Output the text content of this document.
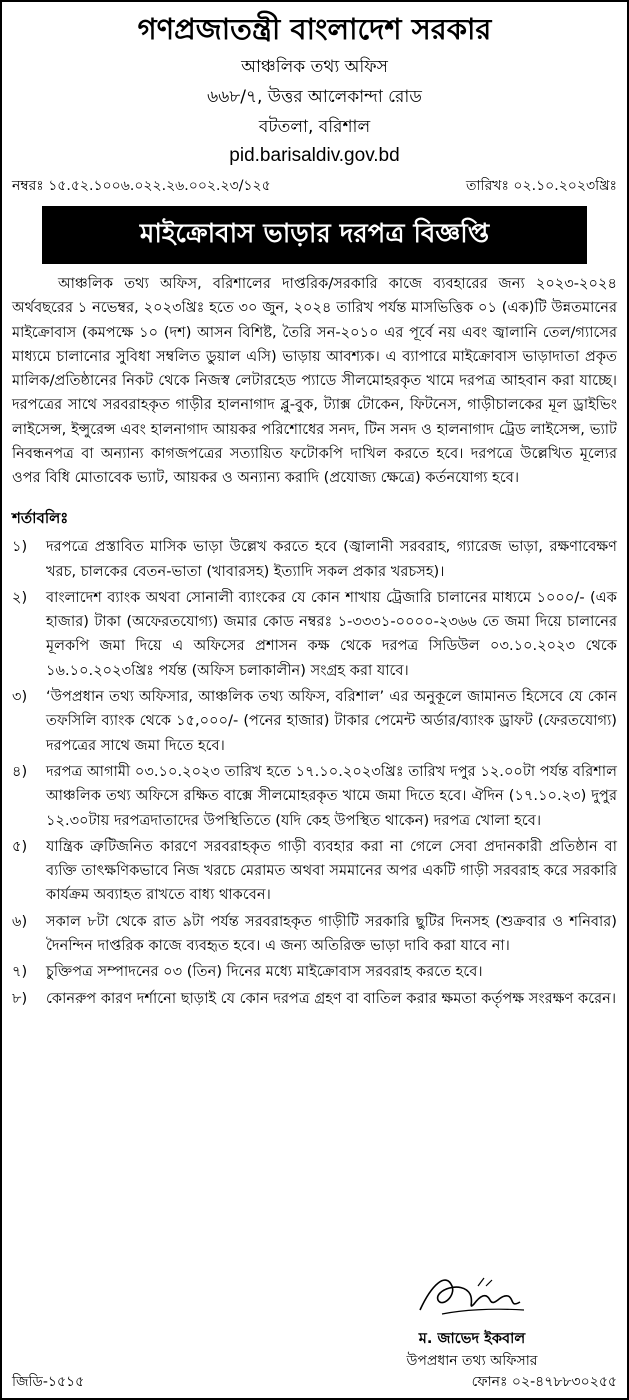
গণপ্রজাতন্ত্রী বাংলাদেশ সরকার
আঞ্চলিক তথ্য অফিস
৬৬৮/৭, উত্তর আলেকান্দা রোড
বটতলা, বরিশাল
pid.barisaldiv.gov.bd
নম্বরঃ ১৫.৫২.১০০৬.০২২.২৬.০০২.২৩/১২৫	তারিখঃ ০২.১০.২০২৩খ্রিঃ
মাইক্রোবাস ভাড়ার দরপত্র বিজ্ঞপ্তি

আঞ্চলিক তথ্য অফিস, বরিশালের দাপ্তরিক/সরকারি কাজে ব্যবহারের জন্য ২০২৩-২০২৪ অর্থবছরের ১ নভেম্বর, ২০২৩খ্রিঃ হতে ৩০ জুন, ২০২৪ তারিখ পর্যন্ত মাসভিত্তিক ০১ (এক)টি উন্নতমানের মাইক্রোবাস (কমপক্ষে ১০ (দশ) আসন বিশিষ্ট, তৈরি সন-২০১০ এর পূর্বে নয় এবং জ্বালানি তেল/গ্যাসের মাধ্যমে চালানোর সুবিধা সম্বলিত ডুয়াল এসি) ভাড়ায় আবশ্যক। এ ব্যাপারে মাইক্রোবাস ভাড়াদাতা প্রকৃত মালিক/প্রতিষ্ঠানের নিকট থেকে নিজস্ব লেটারহেড প্যাডে সীলমোহরকৃত খামে দরপত্র আহবান করা যাচ্ছে। দরপত্রের সাথে সরবরাহকৃত গাড়ীর হালনাগাদ ব্লু-বুক, ট্যাক্স টোকেন, ফিটনেস, গাড়ীচালকের মূল ড্রাইভিং লাইসেন্স, ইন্সুরেন্স এবং হালনাগাদ আয়কর পরিশোধের সনদ, টিন সনদ ও হালনাগাদ ট্রেড লাইসেন্স, ভ্যাট নিবন্ধনপত্র বা অন্যান্য কাগজপত্রের সত্যায়িত ফটোকপি দাখিল করতে হবে। দরপত্রে উল্লেখিত মূল্যের ওপর বিধি মোতাবেক ভ্যাট, আয়কর ও অন্যান্য করাদি (প্রযোজ্য ক্ষেত্রে) কর্তনযোগ্য হবে।

শর্তাবলিঃ
১)	দরপত্রে প্রস্তাবিত মাসিক ভাড়া উল্লেখ করতে হবে (জ্বালানী সরবরাহ, গ্যারেজ ভাড়া, রক্ষণাবেক্ষণ খরচ, চালকের বেতন-ভাতা (খাবারসহ) ইত্যাদি সকল প্রকার খরচসহ)।
২)	বাংলাদেশ ব্যাংক অথবা সোনালী ব্যাংকের যে কোন শাখায় ট্রেজারি চালানের মাধ্যমে ১০০০/- (এক হাজার) টাকা (অফেরতযোগ্য) জমার কোড নম্বরঃ ১-৩৩৩১-০০০০-২৩৬৬ তে জমা দিয়ে চালানের মূলকপি জমা দিয়ে এ অফিসের প্রশাসন কক্ষ থেকে দরপত্র সিডিউল ০৩.১০.২০২৩ থেকে ১৬.১০.২০২৩খ্রিঃ পর্যন্ত (অফিস চলাকালীন) সংগ্রহ করা যাবে।
৩)	‘উপপ্রধান তথ্য অফিসার, আঞ্চলিক তথ্য অফিস, বরিশাল’ এর অনুকূলে জামানত হিসেবে যে কোন তফসিলি ব্যাংক থেকে ১৫,০০০/- (পনের হাজার) টাকার পেমেন্ট অর্ডার/ব্যাংক ড্রাফট (ফেরতযোগ্য) দরপত্রের সাথে জমা দিতে হবে।
৪)	দরপত্র আগামী ০৩.১০.২০২৩ তারিখ হতে ১৭.১০.২০২৩খ্রিঃ তারিখ দপুর ১২.০০টা পর্যন্ত বরিশাল আঞ্চলিক তথ্য অফিসে রক্ষিত বাক্সে সীলমোহরকৃত খামে জমা দিতে হবে। ঐদিন (১৭.১০.২৩) দুপুর ১২.৩০টায় দরপত্রদাতাদের উপস্থিতিতে (যদি কেহ উপস্থিত থাকেন) দরপত্র খোলা হবে।
৫)	যান্ত্রিক ত্রুটিজনিত কারণে সরবরাহকৃত গাড়ী ব্যবহার করা না গেলে সেবা প্রদানকারী প্রতিষ্ঠান বা ব্যক্তি তাৎক্ষণিকভাবে নিজ খরচে মেরামত অথবা সমমানের অপর একটি গাড়ী সরবরাহ করে সরকারি কার্যক্রম অব্যাহত রাখতে বাধ্য থাকবেন।
৬)	সকাল ৮টা থেকে রাত ৯টা পর্যন্ত সরবরাহকৃত গাড়ীটি সরকারি ছুটির দিনসহ (শুক্রবার ও শনিবার) দৈনন্দিন দাপ্তরিক কাজে ব্যবহৃত হবে। এ জন্য অতিরিক্ত ভাড়া দাবি করা যাবে না।
৭)	চুক্তিপত্র সম্পাদনের ০৩ (তিন) দিনের মধ্যে মাইক্রোবাস সরবরাহ করতে হবে।
৮)	কোনরুপ কারণ দর্শানো ছাড়াই যে কোন দরপত্র গ্রহণ বা বাতিল করার ক্ষমতা কর্তৃপক্ষ সংরক্ষণ করেন।
ম. জাভেদ ইকবাল
উপপ্রধান তথ্য অফিসার
জিডি-১৫১৫	ফোনঃ ০২-৪৭৮৮৩০২৫৫
